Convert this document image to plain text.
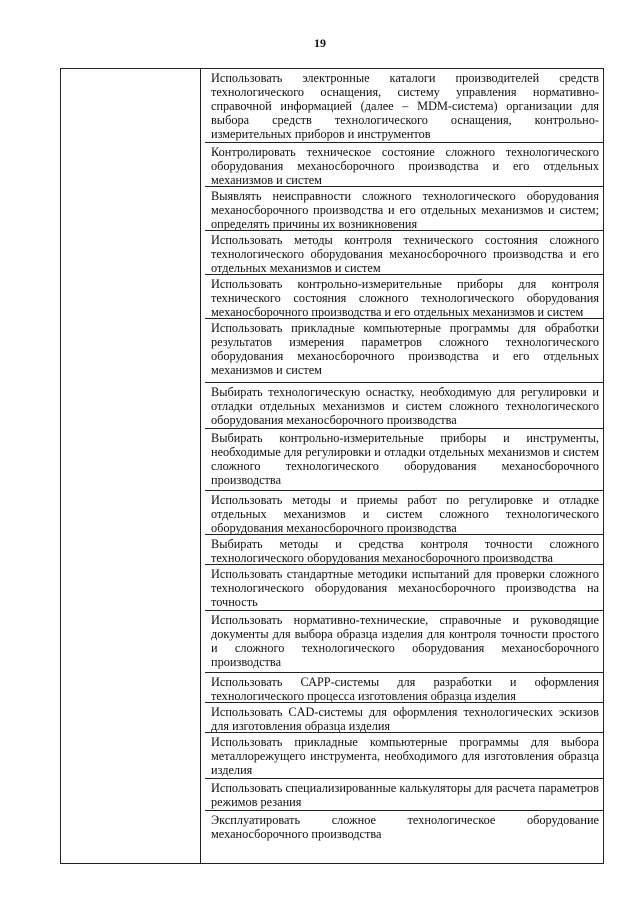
19
Использовать электронные каталоги производителей средств технологического оснащения, систему управления нормативно-справочной информацией (далее – MDM-система) организации для выбора средств технологического оснащения, контрольно-измерительных приборов и инструментов
Контролировать техническое состояние сложного технологического оборудования механосборочного производства и его отдельных механизмов и систем
Выявлять неисправности сложного технологического оборудования механосборочного производства и его отдельных механизмов и систем; определять причины их возникновения
Использовать методы контроля технического состояния сложного технологического оборудования механосборочного производства и его отдельных механизмов и систем
Использовать контрольно-измерительные приборы для контроля технического состояния сложного технологического оборудования механосборочного производства и его отдельных механизмов и систем
Использовать прикладные компьютерные программы для обработки результатов измерения параметров сложного технологического оборудования механосборочного производства и его отдельных механизмов и систем
Выбирать технологическую оснастку, необходимую для регулировки и отладки отдельных механизмов и систем сложного технологического оборудования механосборочного производства
Выбирать контрольно-измерительные приборы и инструменты, необходимые для регулировки и отладки отдельных механизмов и систем сложного технологического оборудования механосборочного производства
Использовать методы и приемы работ по регулировке и отладке отдельных механизмов и систем сложного технологического оборудования механосборочного производства
Выбирать методы и средства контроля точности сложного технологического оборудования механосборочного производства
Использовать стандартные методики испытаний для проверки сложного технологического оборудования механосборочного производства на точность
Использовать нормативно-технические, справочные и руководящие документы для выбора образца изделия для контроля точности простого и сложного технологического оборудования механосборочного производства
Использовать САРР-системы для разработки и оформления технологического процесса изготовления образца изделия
Использовать CAD-системы для оформления технологических эскизов для изготовления образца изделия
Использовать прикладные компьютерные программы для выбора металлорежущего инструмента, необходимого для изготовления образца изделия
Использовать специализированные калькуляторы для расчета параметров режимов резания
Эксплуатировать сложное технологическое оборудование механосборочного производства
